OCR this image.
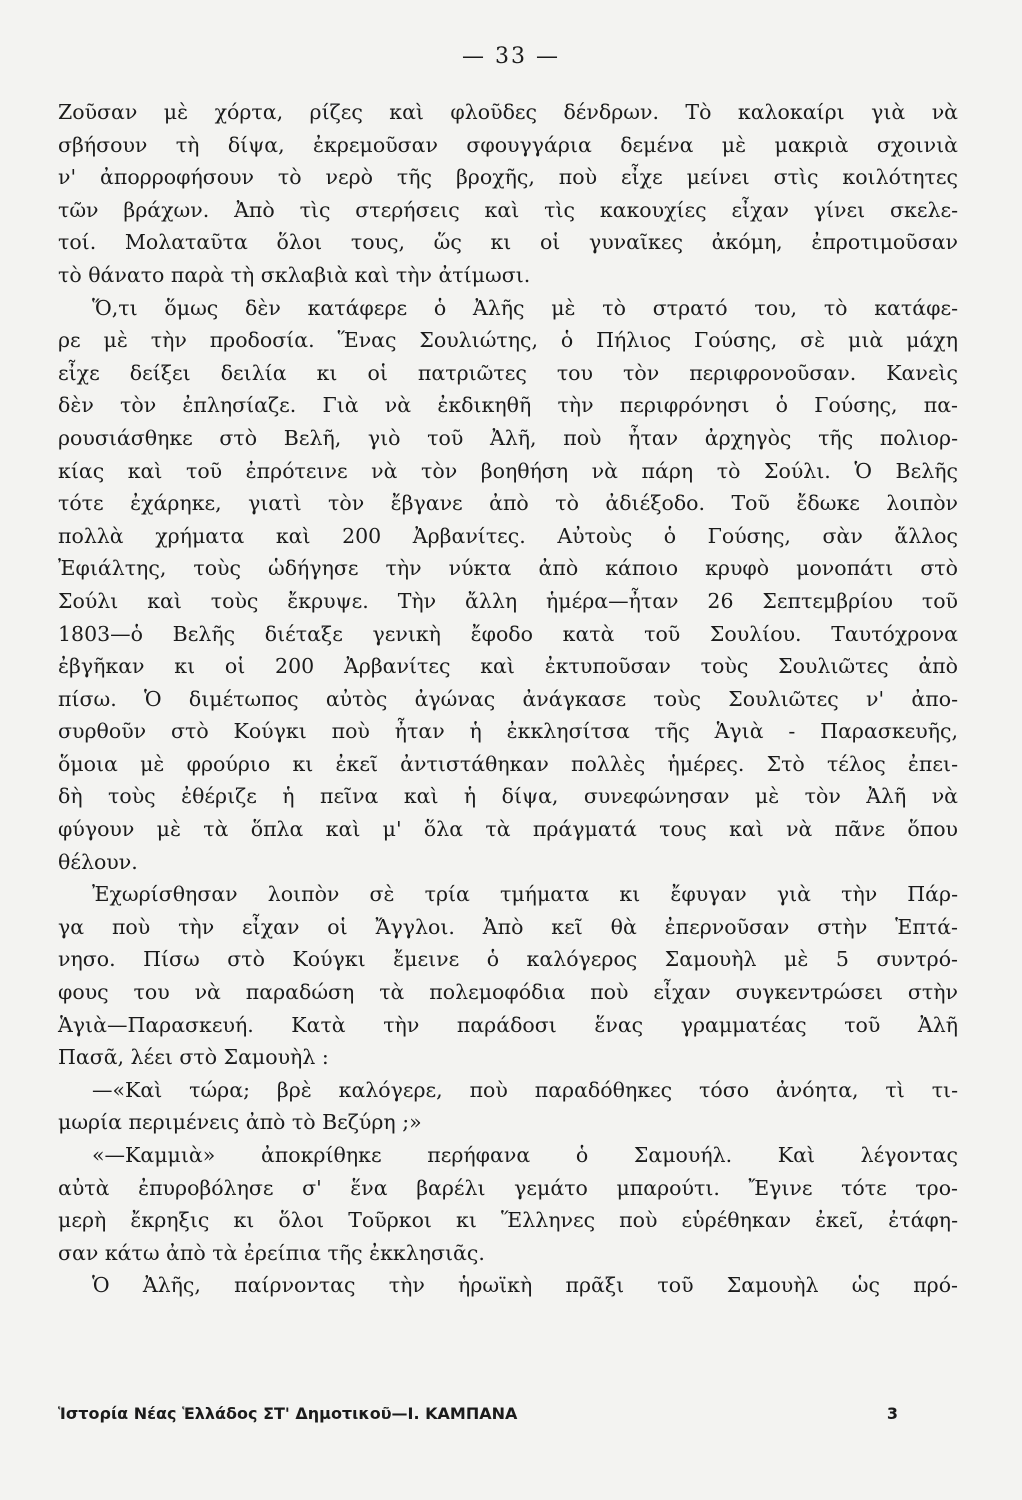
— 33 —
Ζοῦσαν μὲ χόρτα, ρίζες καὶ φλοῦδες δένδρων. Τὸ καλοκαίρι γιὰ νὰ
σβήσουν τὴ δίψα, ἐκρεμοῦσαν σφουγγάρια δεμένα μὲ μακριὰ σχοινιὰ
ν' ἀπορροφήσουν τὸ νερὸ τῆς βροχῆς, ποὺ εἶχε μείνει στὶς κοιλότητες
τῶν βράχων. Ἀπὸ τὶς στερήσεις καὶ τὶς κακουχίες εἶχαν γίνει σκελε-
τοί. Μολαταῦτα ὅλοι τους, ὥς κι οἱ γυναῖκες ἀκόμη, ἐπροτιμοῦσαν
τὸ θάνατο παρὰ τὴ σκλαβιὰ καὶ τὴν ἀτίμωσι.
Ὅ,τι ὅμως δὲν κατάφερε ὁ Ἀλῆς μὲ τὸ στρατό του, τὸ κατάφε-
ρε μὲ τὴν προδοσία. Ἕνας Σουλιώτης, ὁ Πήλιος Γούσης, σὲ μιὰ μάχη
εἶχε δείξει δειλία κι οἱ πατριῶτες του τὸν περιφρονοῦσαν. Κανεὶς
δὲν τὸν ἐπλησίαζε. Γιὰ νὰ ἐκδικηθῆ τὴν περιφρόνησι ὁ Γούσης, πα-
ρουσιάσθηκε στὸ Βελῆ, γιὸ τοῦ Ἀλῆ, ποὺ ἦταν ἀρχηγὸς τῆς πολιορ-
κίας καὶ τοῦ ἐπρότεινε νὰ τὸν βοηθήση νὰ πάρη τὸ Σούλι. Ὁ Βελῆς
τότε ἐχάρηκε, γιατὶ τὸν ἔβγανε ἀπὸ τὸ ἀδιέξοδο. Τοῦ ἔδωκε λοιπὸν
πολλὰ χρήματα καὶ 200 Ἀρβανίτες. Αὐτοὺς ὁ Γούσης, σὰν ἄλλος
Ἐφιάλτης, τοὺς ὡδήγησε τὴν νύκτα ἀπὸ κάποιο κρυφὸ μονοπάτι στὸ
Σούλι καὶ τοὺς ἔκρυψε. Τὴν ἄλλη ἡμέρα—ἦταν 26 Σεπτεμβρίου τοῦ
1803—ὁ Βελῆς διέταξε γενικὴ ἔφοδο κατὰ τοῦ Σουλίου. Ταυτόχρονα
ἐβγῆκαν κι οἱ 200 Ἀρβανίτες καὶ ἐκτυποῦσαν τοὺς Σουλιῶτες ἀπὸ
πίσω. Ὁ διμέτωπος αὐτὸς ἀγώνας ἀνάγκασε τοὺς Σουλιῶτες ν' ἀπο-
συρθοῦν στὸ Κούγκι ποὺ ἦταν ἡ ἐκκλησίτσα τῆς Ἁγιὰ - Παρασκευῆς,
ὅμοια μὲ φρούριο κι ἐκεῖ ἀντιστάθηκαν πολλὲς ἡμέρες. Στὸ τέλος ἐπει-
δὴ τοὺς ἐθέριζε ἡ πεῖνα καὶ ἡ δίψα, συνεφώνησαν μὲ τὸν Ἀλῆ νὰ
φύγουν μὲ τὰ ὅπλα καὶ μ' ὅλα τὰ πράγματά τους καὶ νὰ πᾶνε ὅπου
θέλουν.
Ἐχωρίσθησαν λοιπὸν σὲ τρία τμήματα κι ἔφυγαν γιὰ τὴν Πάρ-
γα ποὺ τὴν εἶχαν οἱ Ἄγγλοι. Ἀπὸ κεῖ θὰ ἐπερνοῦσαν στὴν Ἑπτά-
νησο. Πίσω στὸ Κούγκι ἔμεινε ὁ καλόγερος Σαμουὴλ μὲ 5 συντρό-
φους του νὰ παραδώση τὰ πολεμοφόδια ποὺ εἶχαν συγκεντρώσει στὴν
Ἁγιὰ—Παρασκευή. Κατὰ τὴν παράδοσι ἕνας γραμματέας τοῦ Ἀλῆ
Πασᾶ, λέει στὸ Σαμουὴλ :
—«Καὶ τώρα; βρὲ καλόγερε, ποὺ παραδόθηκες τόσο ἀνόητα, τὶ τι-
μωρία περιμένεις ἀπὸ τὸ Βεζύρη ;»
«—Καμμιὰ» ἀποκρίθηκε περήφανα ὁ Σαμουήλ. Καὶ λέγοντας
αὐτὰ ἐπυροβόλησε σ' ἕνα βαρέλι γεμάτο μπαρούτι. Ἔγινε τότε τρο-
μερὴ ἔκρηξις κι ὅλοι Τοῦρκοι κι Ἕλληνες ποὺ εὑρέθηκαν ἐκεῖ, ἐτάφη-
σαν κάτω ἀπὸ τὰ ἐρείπια τῆς ἐκκλησιᾶς.
Ὁ Ἀλῆς, παίρνοντας τὴν ἡρωϊκὴ πρᾶξι τοῦ Σαμουὴλ ὡς πρό-
Ἱστορία Νέας Ἑλλάδος ΣΤ' Δημοτικοῦ—Ι. ΚΑΜΠΑΝΑ	3
